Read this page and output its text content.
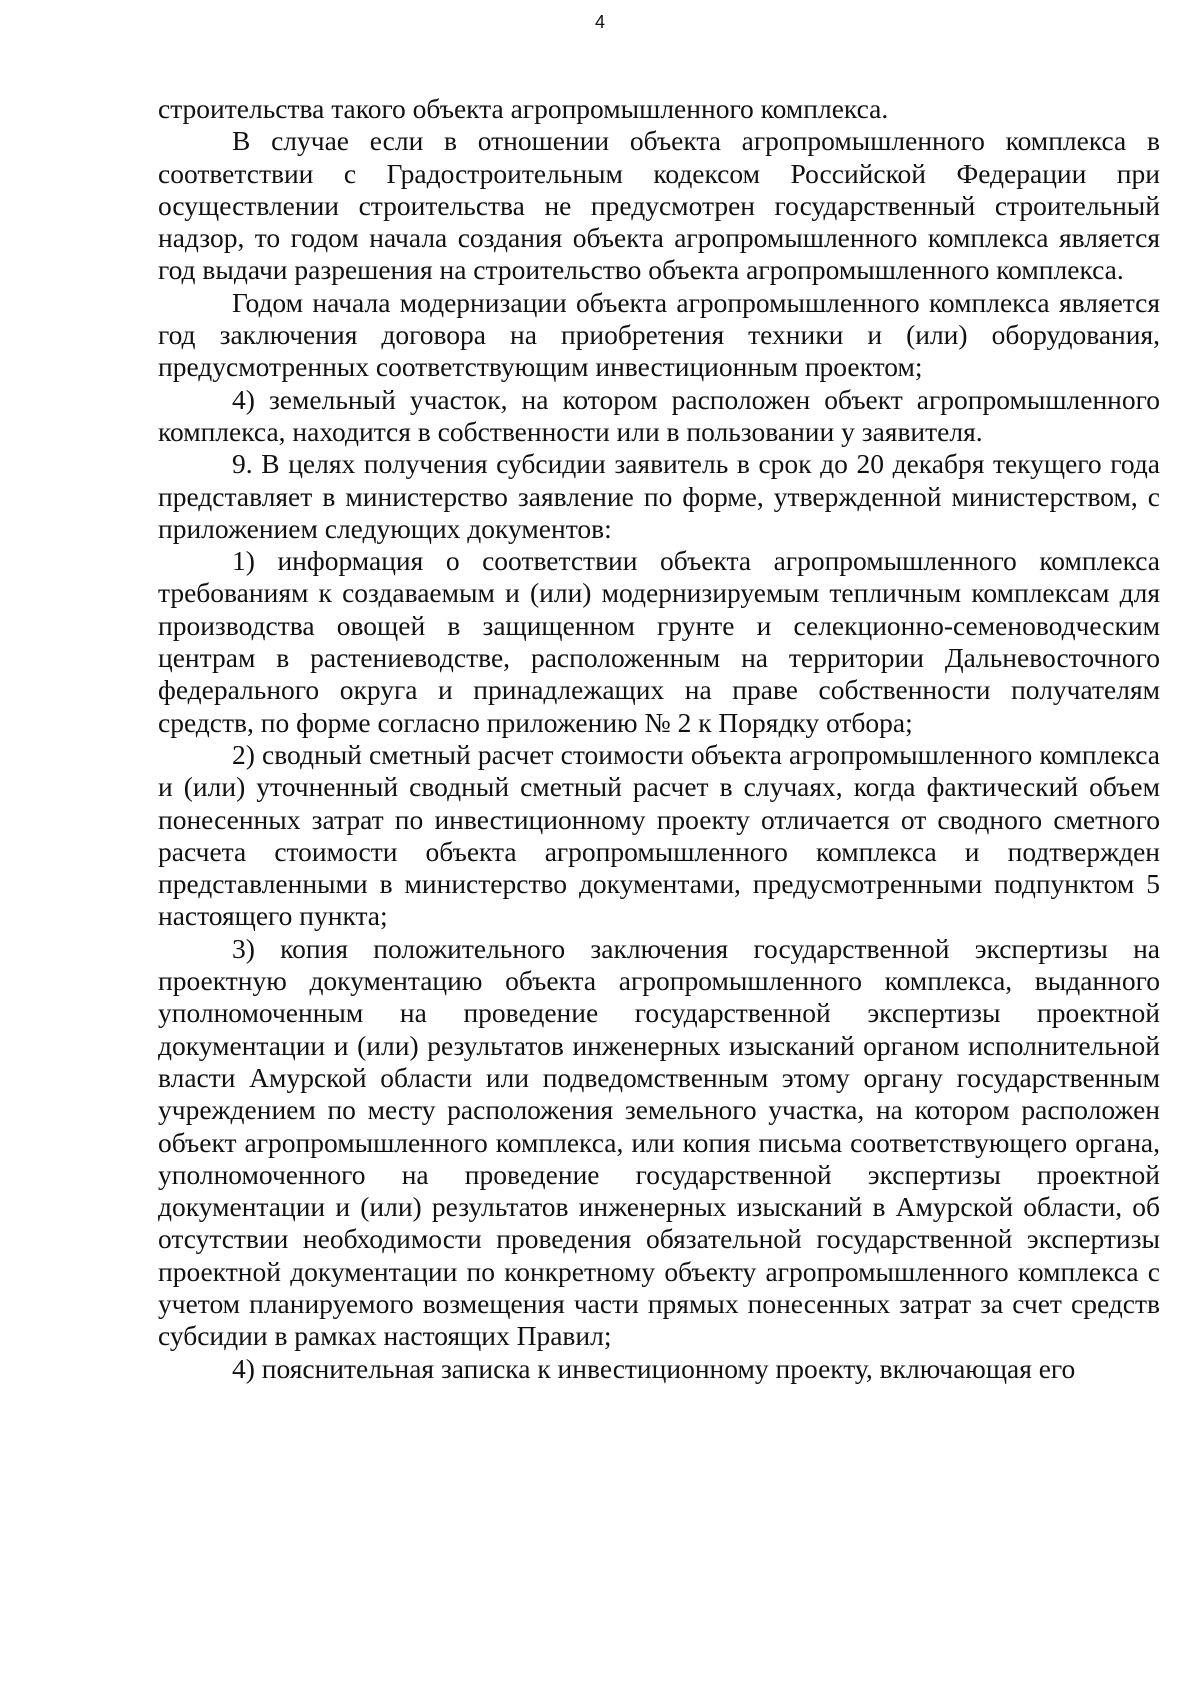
4

строительства такого объекта агропромышленного комплекса.

В случае если в отношении объекта агропромышленного комплекса в соответствии с Градостроительным кодексом Российской Федерации при осуществлении строительства не предусмотрен государственный строительный надзор, то годом начала создания объекта агропромышленного комплекса является год выдачи разрешения на строительство объекта агропромышленного комплекса.

Годом начала модернизации объекта агропромышленного комплекса является год заключения договора на приобретения техники и (или) оборудования, предусмотренных соответствующим инвестиционным проектом;

4) земельный участок, на котором расположен объект агропромышленного комплекса, находится в собственности или в пользовании у заявителя.

9. В целях получения субсидии заявитель в срок до 20 декабря текущего года представляет в министерство заявление по форме, утвержденной министерством, с приложением следующих документов:

1) информация о соответствии объекта агропромышленного комплекса требованиям к создаваемым и (или) модернизируемым тепличным комплексам для производства овощей в защищенном грунте и селекционно-семеноводческим центрам в растениеводстве, расположенным на территории Дальневосточного федерального округа и принадлежащих на праве собственности получателям средств, по форме согласно приложению № 2 к Порядку отбора;

2) сводный сметный расчет стоимости объекта агропромышленного комплекса и (или) уточненный сводный сметный расчет в случаях, когда фактический объем понесенных затрат по инвестиционному проекту отличается от сводного сметного расчета стоимости объекта агропромышленного комплекса и подтвержден представленными в министерство документами, предусмотренными подпунктом 5 настоящего пункта;

3) копия положительного заключения государственной экспертизы на проектную документацию объекта агропромышленного комплекса, выданного уполномоченным на проведение государственной экспертизы проектной документации и (или) результатов инженерных изысканий органом исполнительной власти Амурской области или подведомственным этому органу государственным учреждением по месту расположения земельного участка, на котором расположен объект агропромышленного комплекса, или копия письма соответствующего органа, уполномоченного на проведение государственной экспертизы проектной документации и (или) результатов инженерных изысканий в Амурской области, об отсутствии необходимости проведения обязательной государственной экспертизы проектной документации по конкретному объекту агропромышленного комплекса с учетом планируемого возмещения части прямых понесенных затрат за счет средств субсидии в рамках настоящих Правил;

4) пояснительная записка к инвестиционному проекту, включающая его
